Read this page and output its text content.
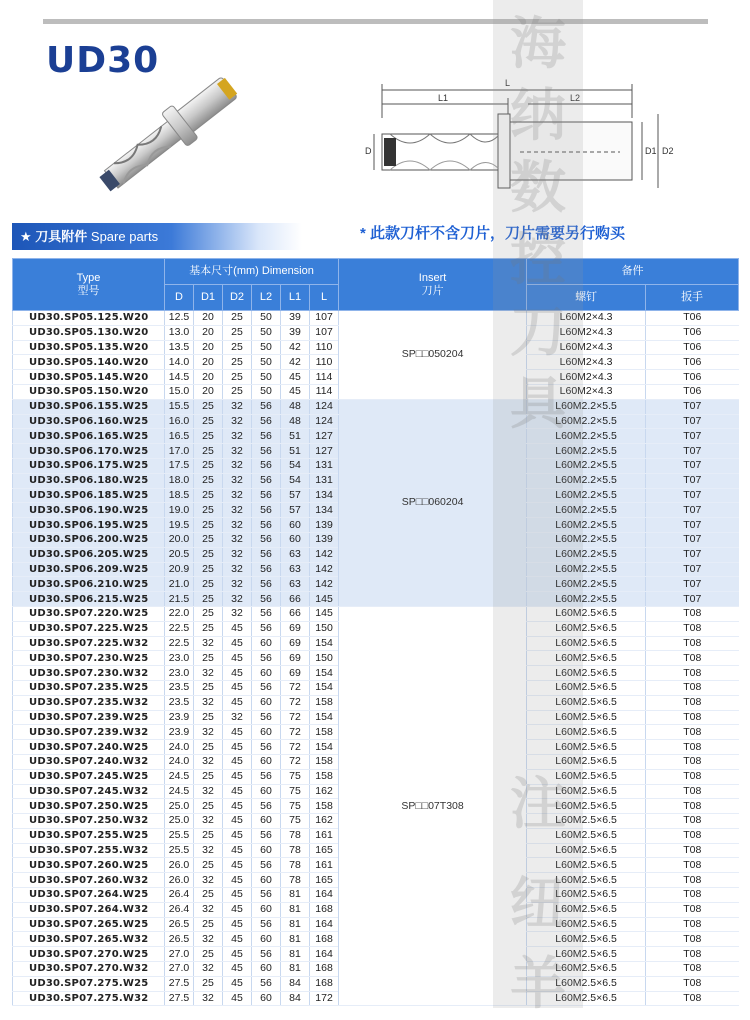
UD30
L
L1	L2
D	D1 D2
★ 刀具附件 Spare parts	* 此款刀杆不含刀片，刀片需要另行购买
Type
型号	基本尺寸(mm) Dimension						Insert
刀片	备件	
	D	D1	D2	L2	L1	L		螺钉	扳手
UD30.SP05.125.W20	12.5	20	25	50	39	107	SP□□050204	L60M2×4.3	T06
UD30.SP05.130.W20	13.0	20	25	50	39	107		L60M2×4.3	T06
UD30.SP05.135.W20	13.5	20	25	50	42	110		L60M2×4.3	T06
UD30.SP05.140.W20	14.0	20	25	50	42	110		L60M2×4.3	T06
UD30.SP05.145.W20	14.5	20	25	50	45	114		L60M2×4.3	T06
UD30.SP05.150.W20	15.0	20	25	50	45	114		L60M2×4.3	T06
UD30.SP06.155.W25	15.5	25	32	56	48	124	SP□□060204	L60M2.2×5.5	T07
UD30.SP06.160.W25	16.0	25	32	56	48	124		L60M2.2×5.5	T07
UD30.SP06.165.W25	16.5	25	32	56	51	127		L60M2.2×5.5	T07
UD30.SP06.170.W25	17.0	25	32	56	51	127		L60M2.2×5.5	T07
UD30.SP06.175.W25	17.5	25	32	56	54	131		L60M2.2×5.5	T07
UD30.SP06.180.W25	18.0	25	32	56	54	131		L60M2.2×5.5	T07
UD30.SP06.185.W25	18.5	25	32	56	57	134		L60M2.2×5.5	T07
UD30.SP06.190.W25	19.0	25	32	56	57	134		L60M2.2×5.5	T07
UD30.SP06.195.W25	19.5	25	32	56	60	139		L60M2.2×5.5	T07
UD30.SP06.200.W25	20.0	25	32	56	60	139		L60M2.2×5.5	T07
UD30.SP06.205.W25	20.5	25	32	56	63	142		L60M2.2×5.5	T07
UD30.SP06.209.W25	20.9	25	32	56	63	142		L60M2.2×5.5	T07
UD30.SP06.210.W25	21.0	25	32	56	63	142		L60M2.2×5.5	T07
UD30.SP06.215.W25	21.5	25	32	56	66	145		L60M2.2×5.5	T07
UD30.SP07.220.W25	22.0	25	32	56	66	145	SP□□07T308	L60M2.5×6.5	T08
UD30.SP07.225.W25	22.5	25	45	56	69	150		L60M2.5×6.5	T08
UD30.SP07.225.W32	22.5	32	45	60	69	154		L60M2.5×6.5	T08
UD30.SP07.230.W25	23.0	25	45	56	69	150		L60M2.5×6.5	T08
UD30.SP07.230.W32	23.0	32	45	60	69	154		L60M2.5×6.5	T08
UD30.SP07.235.W25	23.5	25	45	56	72	154		L60M2.5×6.5	T08
UD30.SP07.235.W32	23.5	32	45	60	72	158		L60M2.5×6.5	T08
UD30.SP07.239.W25	23.9	25	32	56	72	154		L60M2.5×6.5	T08
UD30.SP07.239.W32	23.9	32	45	60	72	158		L60M2.5×6.5	T08
UD30.SP07.240.W25	24.0	25	45	56	72	154		L60M2.5×6.5	T08
UD30.SP07.240.W32	24.0	32	45	60	72	158		L60M2.5×6.5	T08
UD30.SP07.245.W25	24.5	25	45	56	75	158		L60M2.5×6.5	T08
UD30.SP07.245.W32	24.5	32	45	60	75	162		L60M2.5×6.5	T08
UD30.SP07.250.W25	25.0	25	45	56	75	158		L60M2.5×6.5	T08
UD30.SP07.250.W32	25.0	32	45	60	75	162		L60M2.5×6.5	T08
UD30.SP07.255.W25	25.5	25	45	56	78	161		L60M2.5×6.5	T08
UD30.SP07.255.W32	25.5	32	45	60	78	165		L60M2.5×6.5	T08
UD30.SP07.260.W25	26.0	25	45	56	78	161		L60M2.5×6.5	T08
UD30.SP07.260.W32	26.0	32	45	60	78	165		L60M2.5×6.5	T08
UD30.SP07.264.W25	26.4	25	45	56	81	164		L60M2.5×6.5	T08
UD30.SP07.264.W32	26.4	32	45	60	81	168		L60M2.5×6.5	T08
UD30.SP07.265.W25	26.5	25	45	56	81	164		L60M2.5×6.5	T08
UD30.SP07.265.W32	26.5	32	45	60	81	168		L60M2.5×6.5	T08
UD30.SP07.270.W25	27.0	25	45	56	81	164		L60M2.5×6.5	T08
UD30.SP07.270.W32	27.0	32	45	60	81	168		L60M2.5×6.5	T08
UD30.SP07.275.W25	27.5	25	45	56	84	168		L60M2.5×6.5	T08
UD30.SP07.275.W32	27.5	32	45	60	84	172		L60M2.5×6.5	T08
海
纳
数
控
刀
具
注
纽
羊
